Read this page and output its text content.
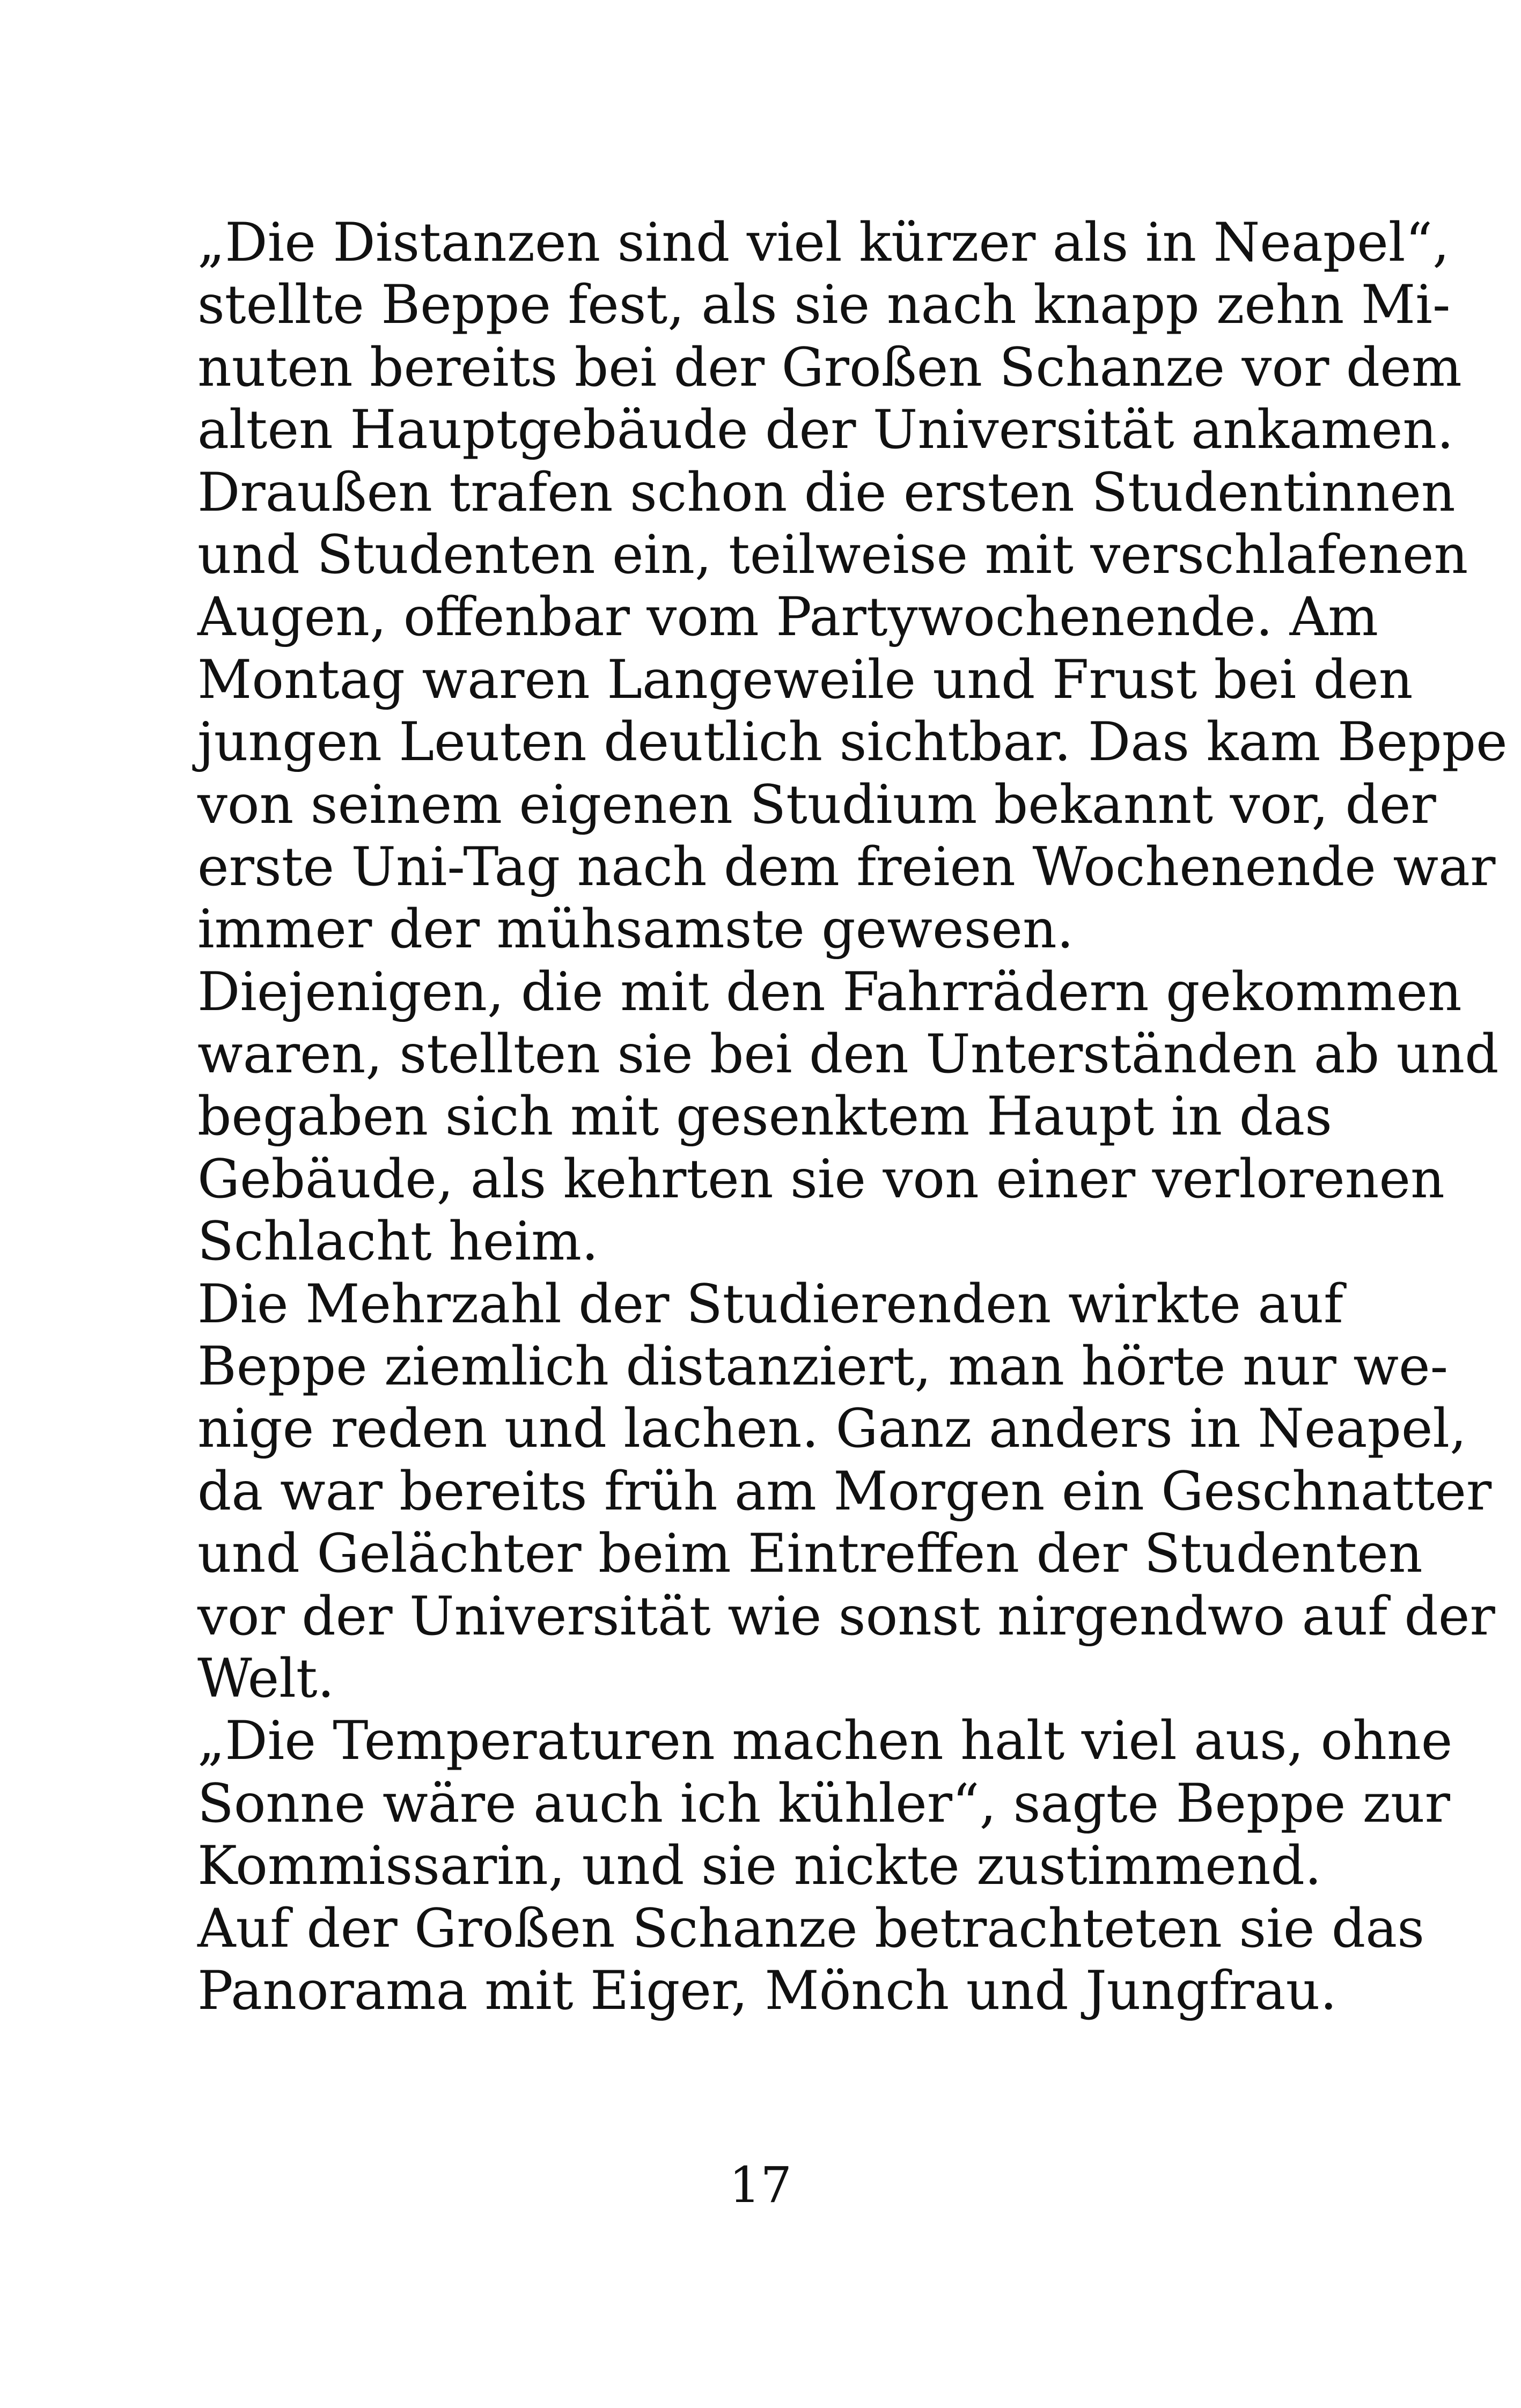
„Die Distanzen sind viel kürzer als in Neapel“,
stellte Beppe fest, als sie nach knapp zehn Mi-
nuten bereits bei der Großen Schanze vor dem
alten Hauptgebäude der Universität ankamen.
Draußen trafen schon die ersten Studentinnen
und Studenten ein, teilweise mit verschlafenen
Augen, offenbar vom Partywochenende. Am
Montag waren Langeweile und Frust bei den
jungen Leuten deutlich sichtbar. Das kam Beppe
von seinem eigenen Studium bekannt vor, der
erste Uni-Tag nach dem freien Wochenende war
immer der mühsamste gewesen.
Diejenigen, die mit den Fahrrädern gekommen
waren, stellten sie bei den Unterständen ab und
begaben sich mit gesenktem Haupt in das
Gebäude, als kehrten sie von einer verlorenen
Schlacht heim.
Die Mehrzahl der Studierenden wirkte auf
Beppe ziemlich distanziert, man hörte nur we-
nige reden und lachen. Ganz anders in Neapel,
da war bereits früh am Morgen ein Geschnatter
und Gelächter beim Eintreffen der Studenten
vor der Universität wie sonst nirgendwo auf der
Welt.
„Die Temperaturen machen halt viel aus, ohne
Sonne wäre auch ich kühler“, sagte Beppe zur
Kommissarin, und sie nickte zustimmend.
Auf der Großen Schanze betrachteten sie das
Panorama mit Eiger, Mönch und Jungfrau.
17
